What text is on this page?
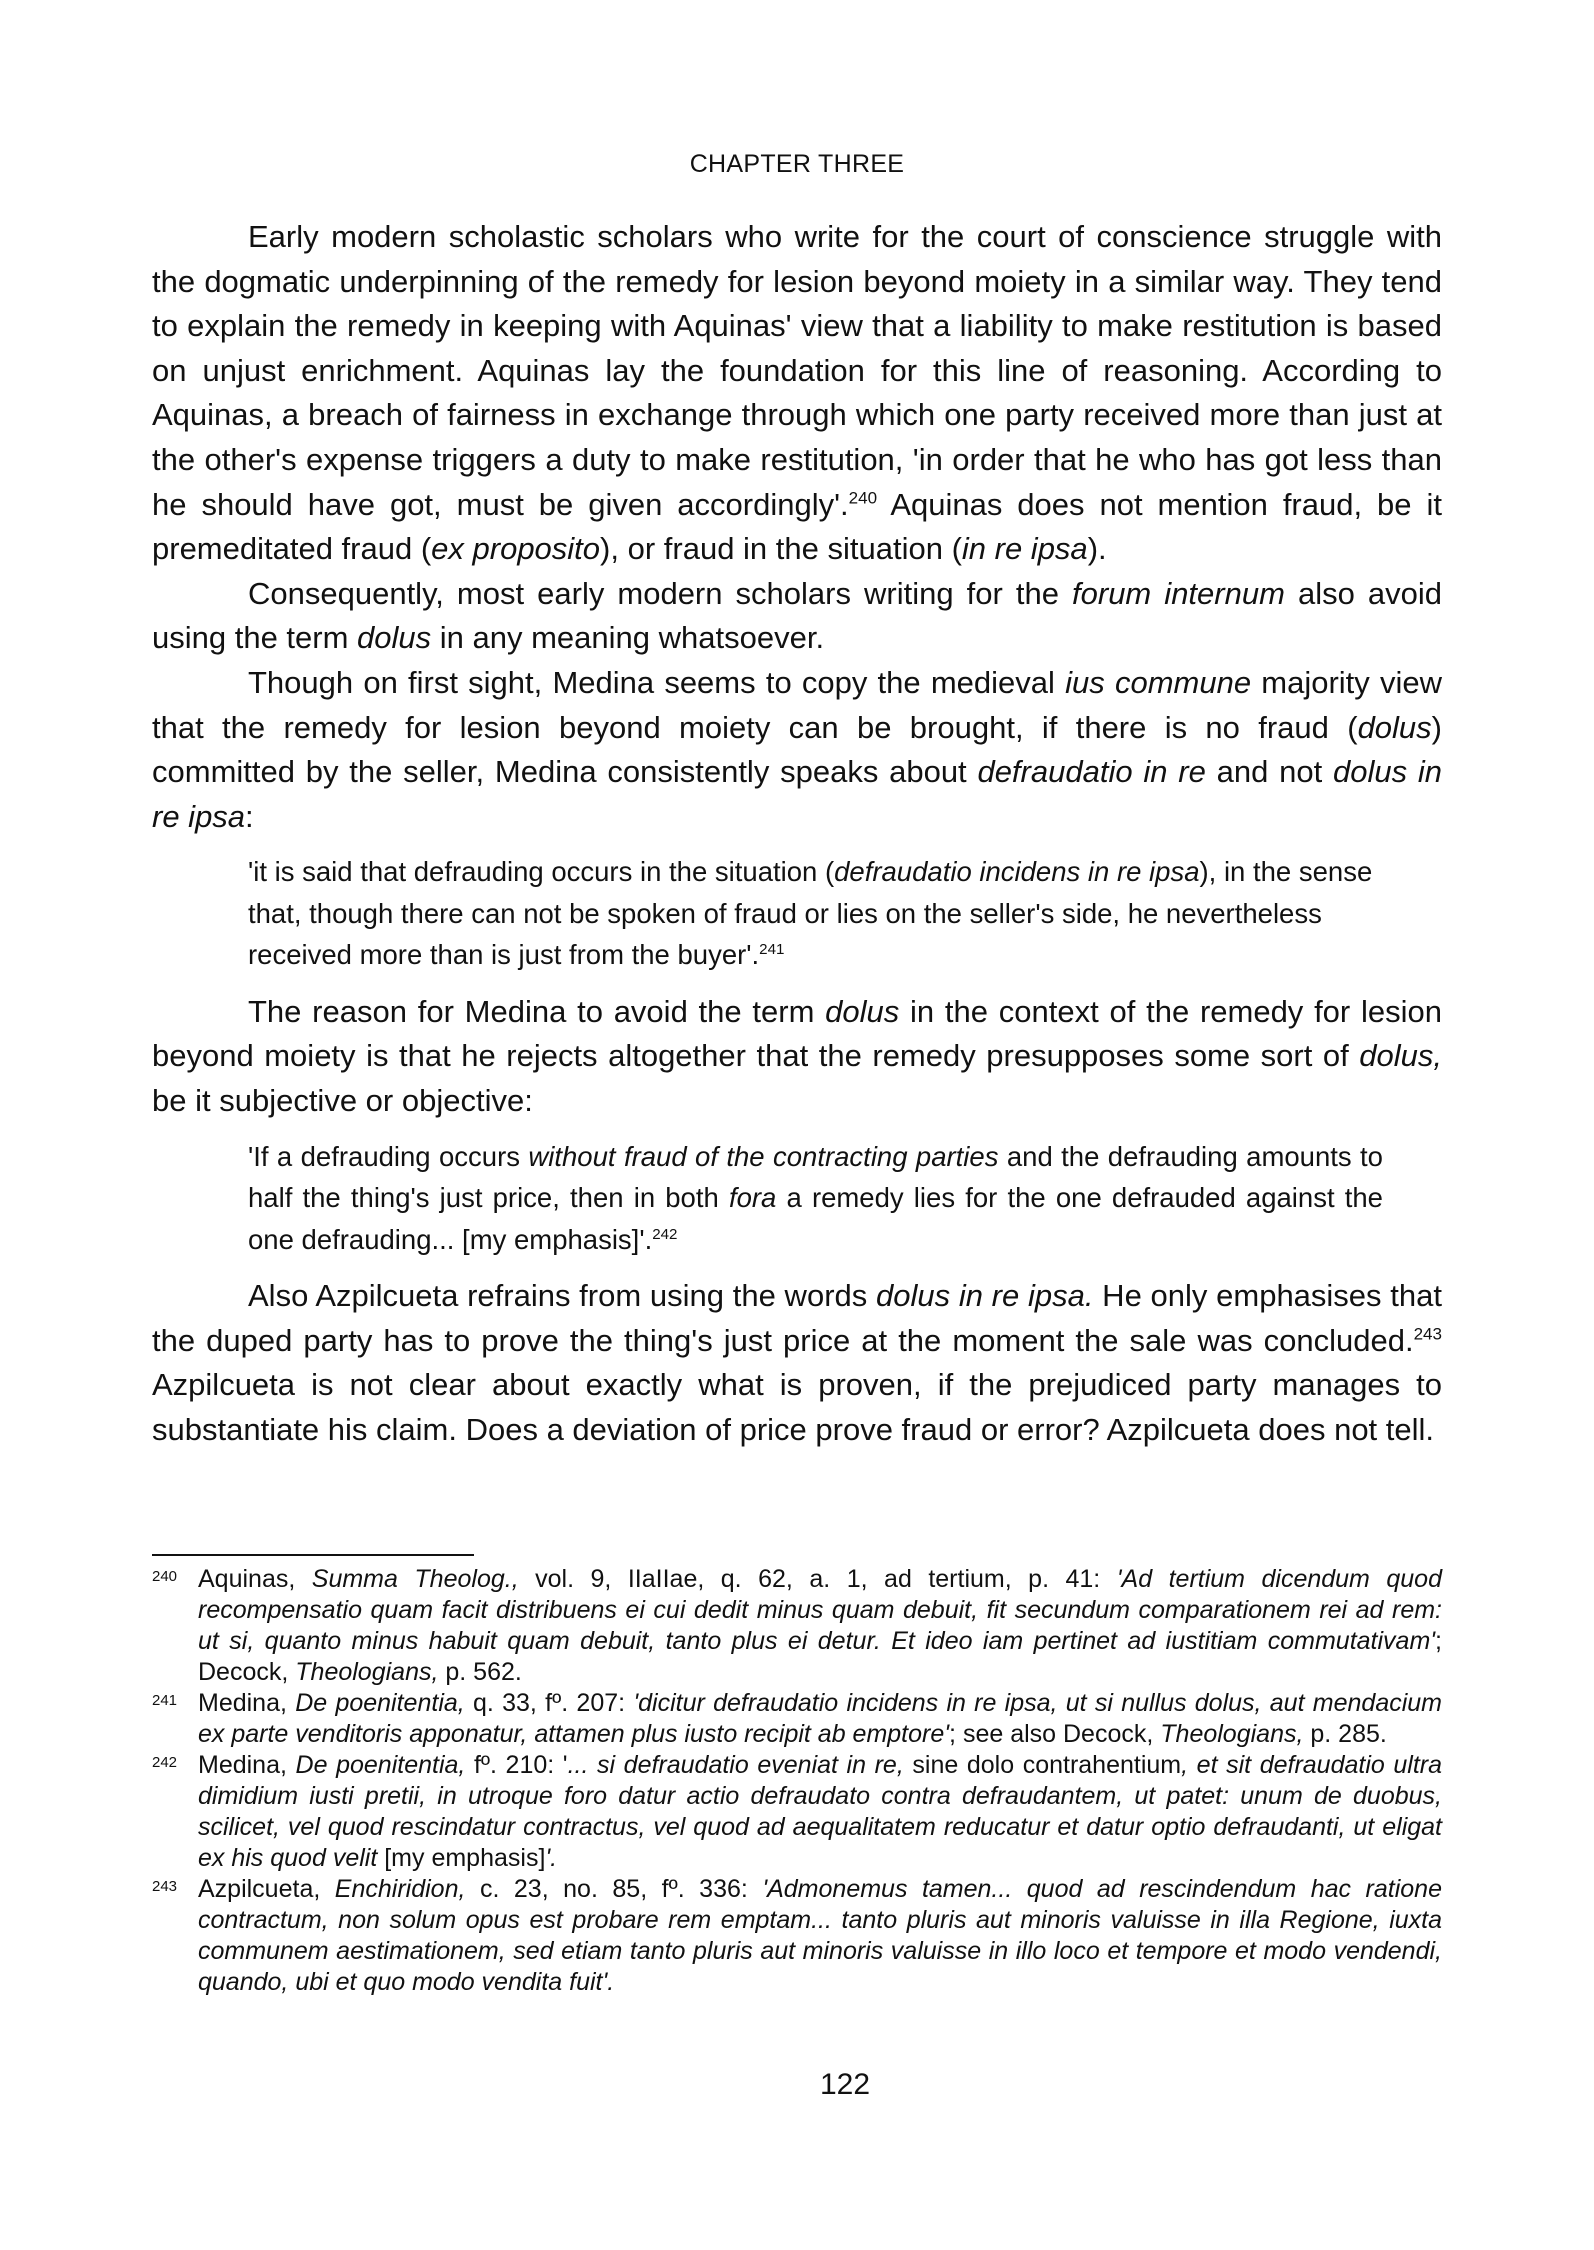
CHAPTER THREE

Early modern scholastic scholars who write for the court of conscience struggle with the dogmatic underpinning of the remedy for lesion beyond moiety in a similar way. They tend to explain the remedy in keeping with Aquinas' view that a liability to make restitution is based on unjust enrichment. Aquinas lay the foundation for this line of reasoning. According to Aquinas, a breach of fairness in exchange through which one party received more than just at the other's expense triggers a duty to make restitution, 'in order that he who has got less than he should have got, must be given accordingly'.$^{240}$ Aquinas does not mention fraud, be it premeditated fraud (ex proposito), or fraud in the situation (in re ipsa).

Consequently, most early modern scholars writing for the forum internum also avoid using the term dolus in any meaning whatsoever.

Though on first sight, Medina seems to copy the medieval ius commune majority view that the remedy for lesion beyond moiety can be brought, if there is no fraud (dolus) committed by the seller, Medina consistently speaks about defraudatio in re and not dolus in re ipsa:

'it is said that defrauding occurs in the situation (defraudatio incidens in re ipsa), in the sense that, though there can not be spoken of fraud or lies on the seller's side, he nevertheless received more than is just from the buyer'.$^{241}$

The reason for Medina to avoid the term dolus in the context of the remedy for lesion beyond moiety is that he rejects altogether that the remedy presupposes some sort of dolus, be it subjective or objective:

'If a defrauding occurs without fraud of the contracting parties and the defrauding amounts to half the thing's just price, then in both fora a remedy lies for the one defrauded against the one defrauding... [my emphasis]'.$^{242}$

Also Azpilcueta refrains from using the words dolus in re ipsa. He only emphasises that the duped party has to prove the thing's just price at the moment the sale was concluded.$^{243}$ Azpilcueta is not clear about exactly what is proven, if the prejudiced party manages to substantiate his claim. Does a deviation of price prove fraud or error? Azpilcueta does not tell.

240 Aquinas, Summa Theolog., vol. 9, IIaIIae, q. 62, a. 1, ad tertium, p. 41: 'Ad tertium dicendum quod recompensatio quam facit distribuens ei cui dedit minus quam debuit, fit secundum comparationem rei ad rem: ut si, quanto minus habuit quam debuit, tanto plus ei detur. Et ideo iam pertinet ad iustitiam commutativam'; Decock, Theologians, p. 562.
241 Medina, De poenitentia, q. 33, fº. 207: 'dicitur defraudatio incidens in re ipsa, ut si nullus dolus, aut mendacium ex parte venditoris apponatur, attamen plus iusto recipit ab emptore'; see also Decock, Theologians, p. 285.
242 Medina, De poenitentia, fº. 210: '... si defraudatio eveniat in re, sine dolo contrahentium, et sit defraudatio ultra dimidium iusti pretii, in utroque foro datur actio defraudato contra defraudantem, ut patet: unum de duobus, scilicet, vel quod rescindatur contractus, vel quod ad aequalitatem reducatur et datur optio defraudanti, ut eligat ex his quod velit [my emphasis]'.
243 Azpilcueta, Enchiridion, c. 23, no. 85, fº. 336: 'Admonemus tamen... quod ad rescindendum hac ratione contractum, non solum opus est probare rem emptam... tanto pluris aut minoris valuisse in illa Regione, iuxta communem aestimationem, sed etiam tanto pluris aut minoris valuisse in illo loco et tempore et modo vendendi, quando, ubi et quo modo vendita fuit'.
122
